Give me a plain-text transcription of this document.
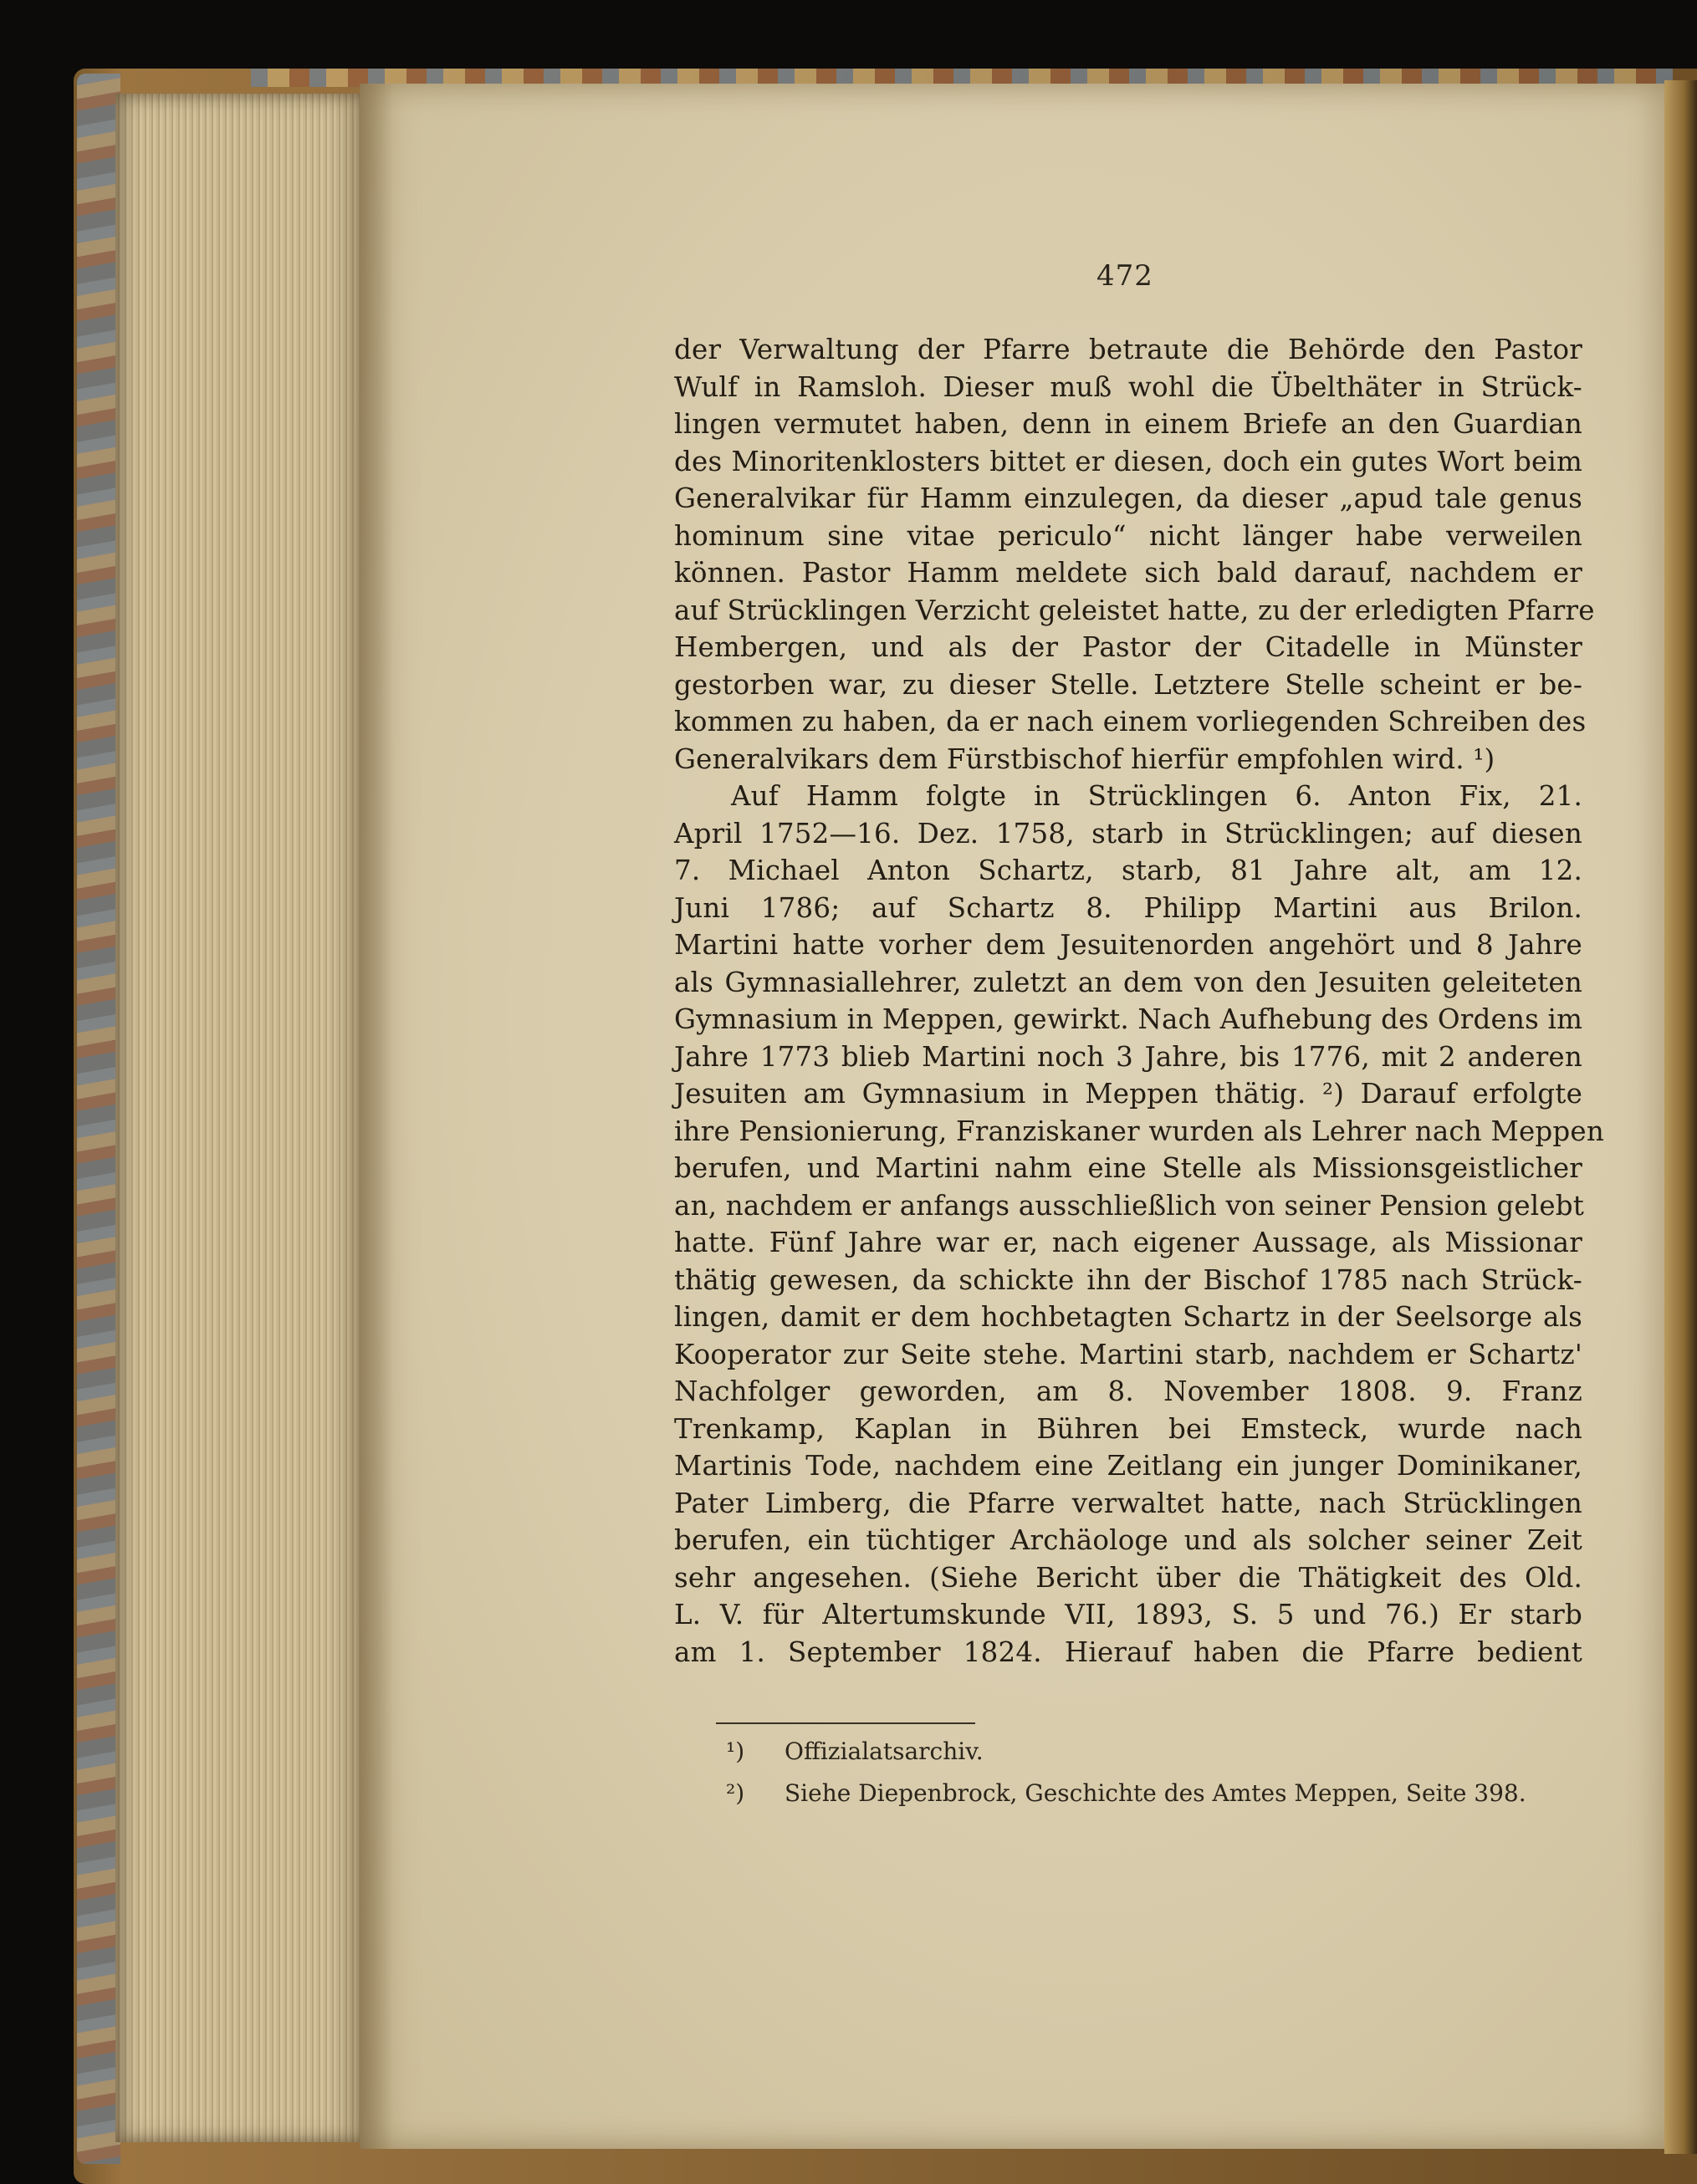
472
der Verwaltung der Pfarre betraute die Behörde den Pastor
Wulf in Ramsloh. Dieser muß wohl die Übelthäter in Strück-
lingen vermutet haben, denn in einem Briefe an den Guardian
des Minoritenklosters bittet er diesen, doch ein gutes Wort beim
Generalvikar für Hamm einzulegen, da dieser „apud tale genus
hominum sine vitae periculo“ nicht länger habe verweilen
können. Pastor Hamm meldete sich bald darauf, nachdem er
auf Strücklingen Verzicht geleistet hatte, zu der erledigten Pfarre
Hembergen, und als der Pastor der Citadelle in Münster
gestorben war, zu dieser Stelle. Letztere Stelle scheint er be-
kommen zu haben, da er nach einem vorliegenden Schreiben des
Generalvikars dem Fürstbischof hierfür empfohlen wird. ¹)
Auf Hamm folgte in Strücklingen 6. Anton Fix, 21.
April 1752—16. Dez. 1758, starb in Strücklingen; auf diesen
7. Michael Anton Schartz, starb, 81 Jahre alt, am 12.
Juni 1786; auf Schartz 8. Philipp Martini aus Brilon.
Martini hatte vorher dem Jesuitenorden angehört und 8 Jahre
als Gymnasiallehrer, zuletzt an dem von den Jesuiten geleiteten
Gymnasium in Meppen, gewirkt. Nach Aufhebung des Ordens im
Jahre 1773 blieb Martini noch 3 Jahre, bis 1776, mit 2 anderen
Jesuiten am Gymnasium in Meppen thätig. ²) Darauf erfolgte
ihre Pensionierung, Franziskaner wurden als Lehrer nach Meppen
berufen, und Martini nahm eine Stelle als Missionsgeistlicher
an, nachdem er anfangs ausschließlich von seiner Pension gelebt
hatte. Fünf Jahre war er, nach eigener Aussage, als Missionar
thätig gewesen, da schickte ihn der Bischof 1785 nach Strück-
lingen, damit er dem hochbetagten Schartz in der Seelsorge als
Kooperator zur Seite stehe. Martini starb, nachdem er Schartz'
Nachfolger geworden, am 8. November 1808. 9. Franz
Trenkamp, Kaplan in Bühren bei Emsteck, wurde nach
Martinis Tode, nachdem eine Zeitlang ein junger Dominikaner,
Pater Limberg, die Pfarre verwaltet hatte, nach Strücklingen
berufen, ein tüchtiger Archäologe und als solcher seiner Zeit
sehr angesehen. (Siehe Bericht über die Thätigkeit des Old.
L. V. für Altertumskunde VII, 1893, S. 5 und 76.) Er starb
am 1. September 1824. Hierauf haben die Pfarre bedient
¹) Offizialatsarchiv.
²) Siehe Diepenbrock, Geschichte des Amtes Meppen, Seite 398.
